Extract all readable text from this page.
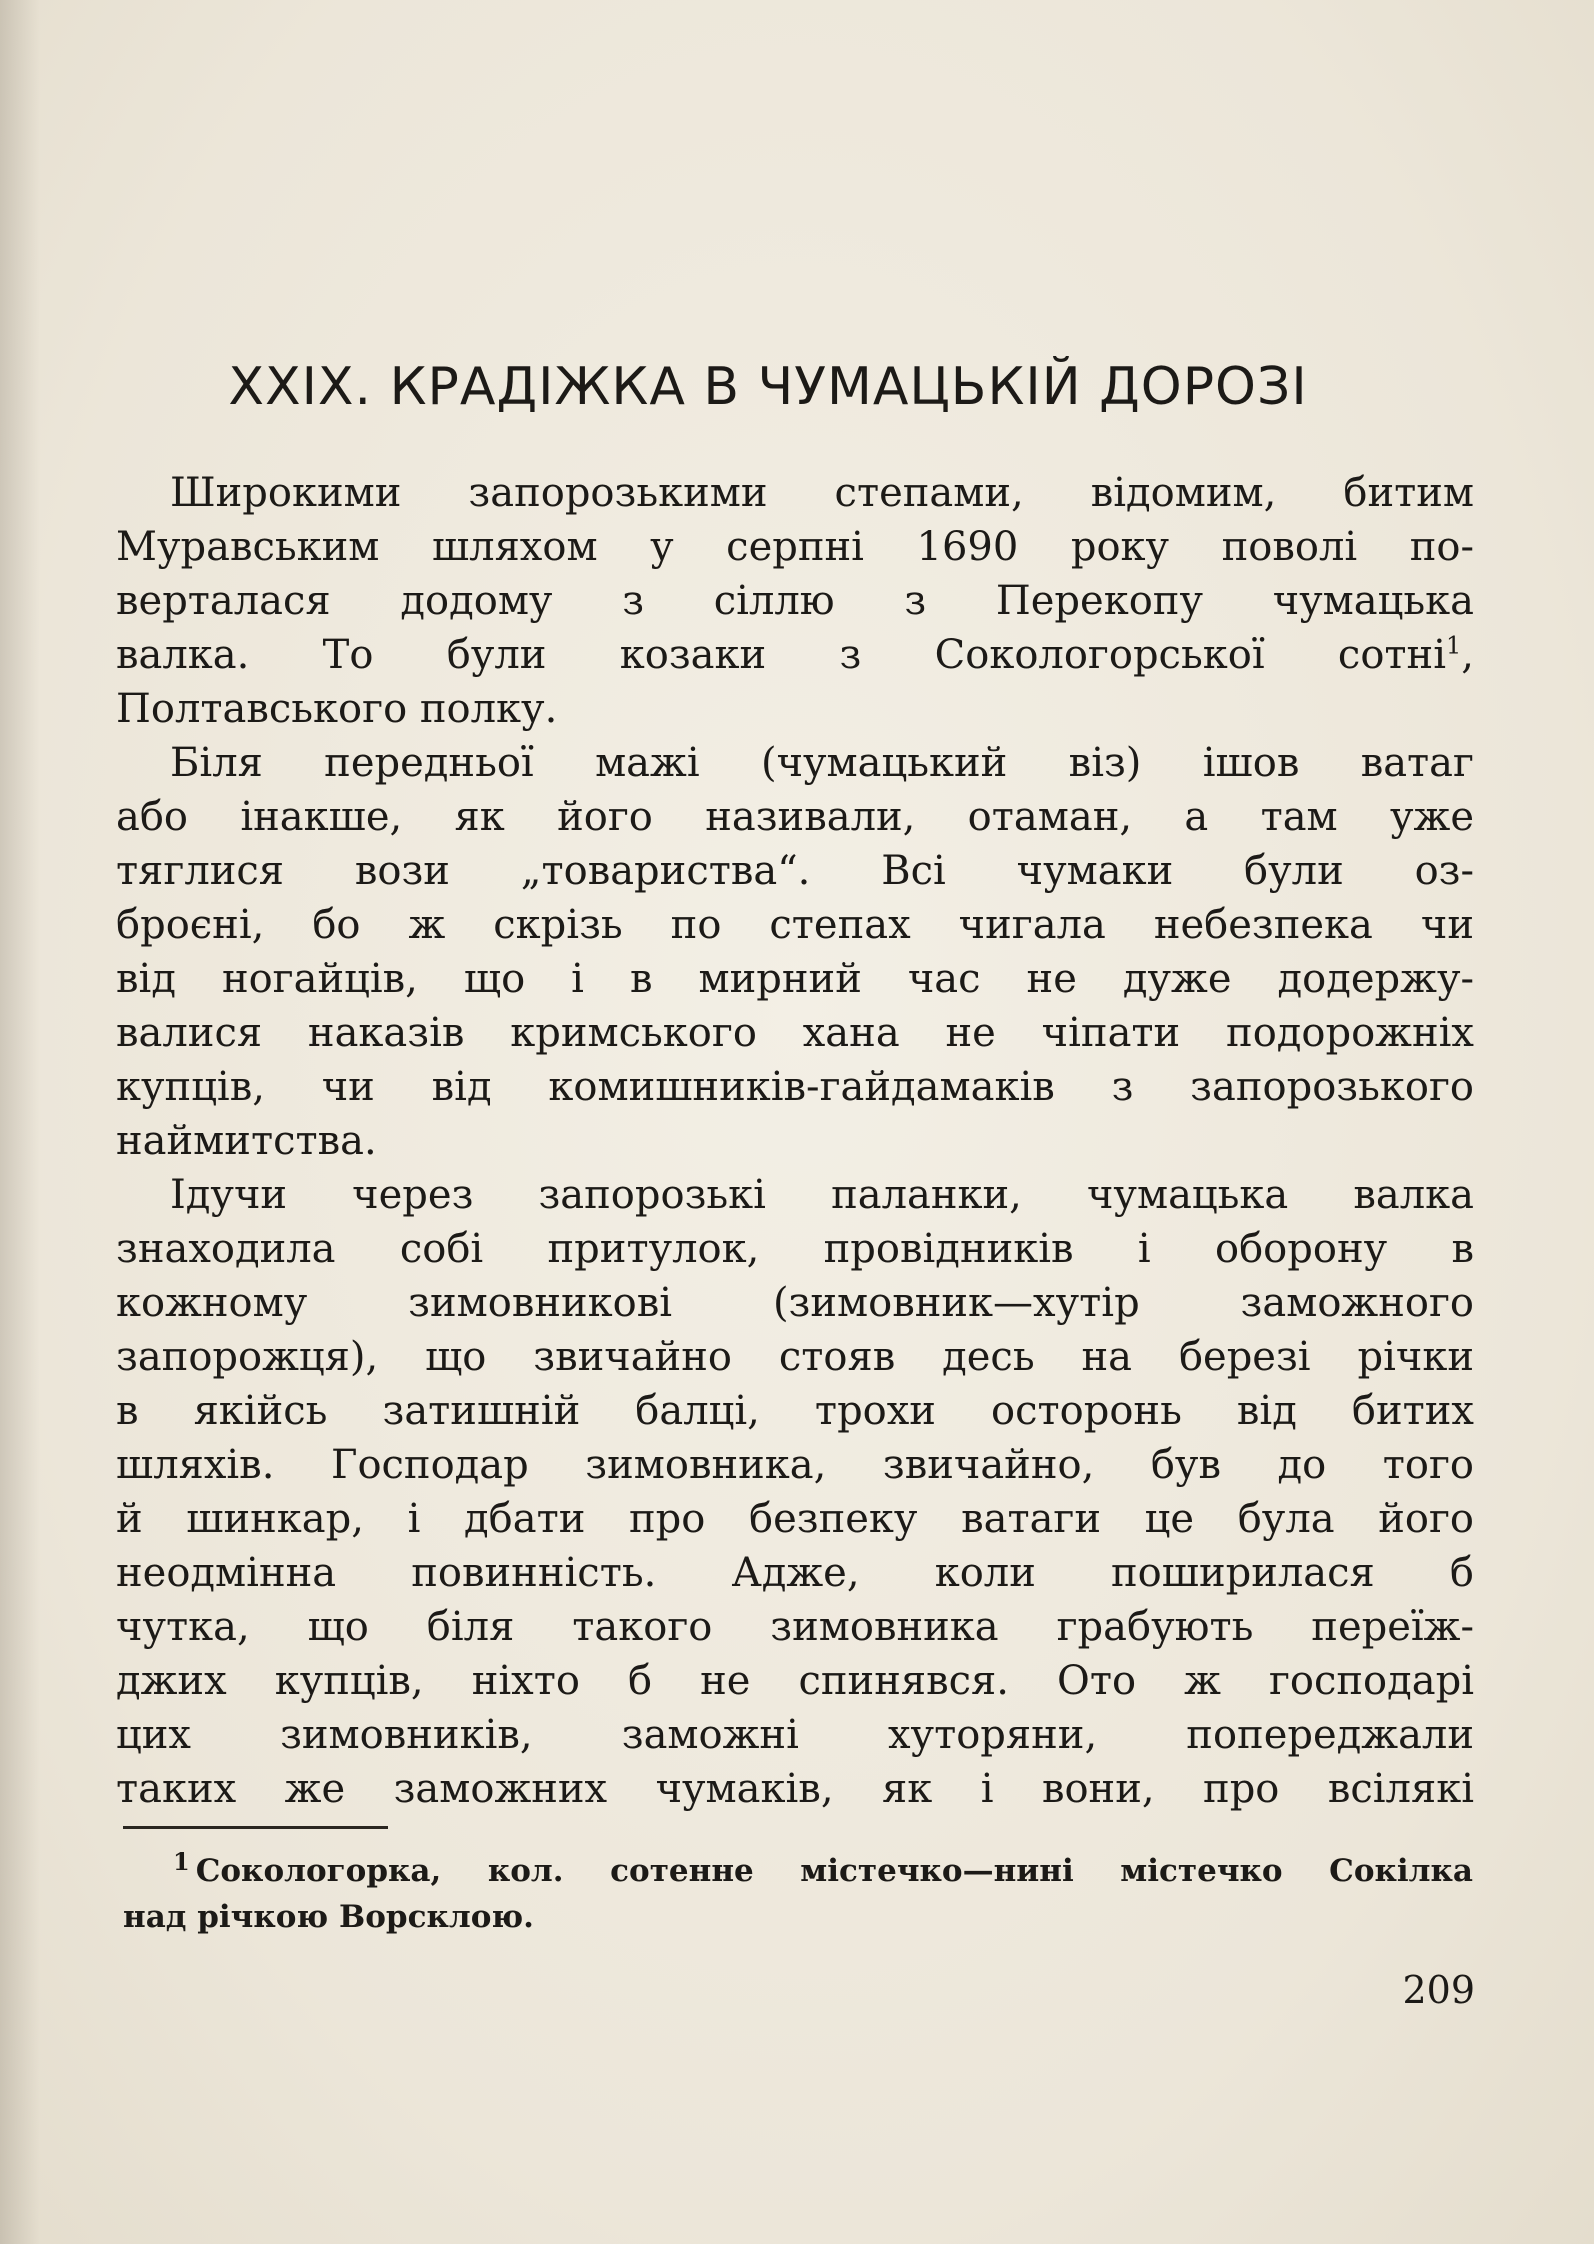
XXIX. КРАДІЖКА В ЧУМАЦЬКІЙ ДОРОЗІ

Широкими запорозькими степами, відомим, битим
Муравським шляхом у серпні 1690 року поволі по-
верталася додому з сіллю з Перекопу чумацька
валка. То були козаки з Сокологорської сотні$^1$,
Полтавського полку.

Біля передньої мажі (чумацький віз) ішов ватаг
або інакше, як його називали, отаман, а там уже
тяглися вози „товариства“. Всі чумаки були оз-
броєні, бо ж скрізь по степах чигала небезпека чи
від ногайців, що і в мирний час не дуже додержу-
валися наказів кримського хана не чіпати подорожніх
купців, чи від комишників-гайдамаків з запорозького
наймитства.

Ідучи через запорозькі паланки, чумацька валка
знаходила собі притулок, провідників і оборону в
кожному зимовникові (зимовник—хутір заможного
запорожця), що звичайно стояв десь на березі річки
в якійсь затишній балці, трохи осторонь від битих
шляхів. Господар зимовника, звичайно, був до того
й шинкар, і дбати про безпеку ватаги це була його
неодмінна повинність. Адже, коли поширилася б
чутка, що біля такого зимовника грабують переїж-
джих купців, ніхто б не спинявся. Ото ж господарі
цих зимовників, заможні хуторяни, попереджали
таких же заможних чумаків, як і вони, про всілякі

$^1$ Сокологорка, кол. сотенне містечко—нині містечко Сокілка
над річкою Ворсклою.
209
